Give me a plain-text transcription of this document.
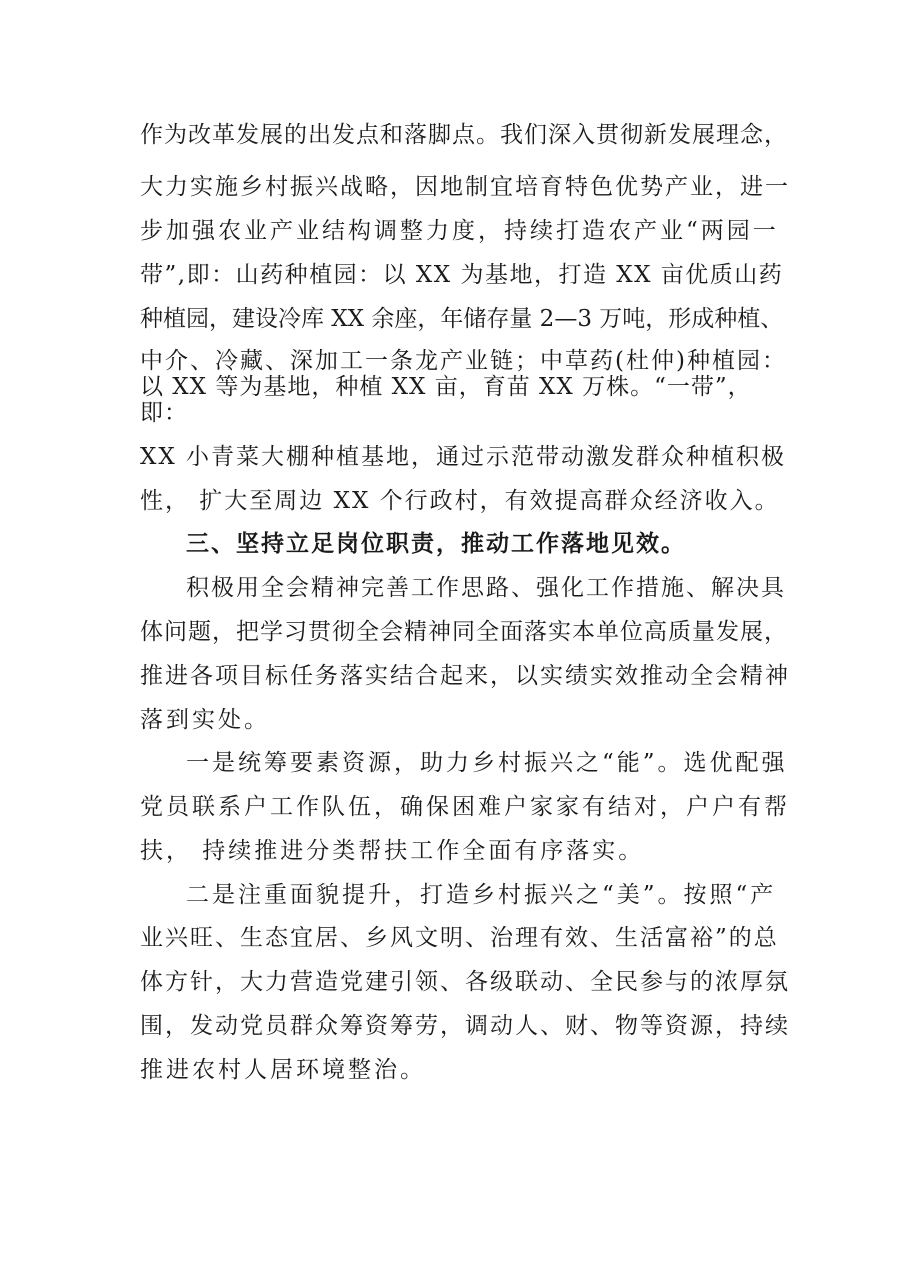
作为改革发展的出发点和落脚点。我们深入贯彻新发展理念，
大力实施乡村振兴战略，因地制宜培育特色优势产业，进一
步加强农业产业结构调整力度，持续打造农产业“两园一
带”,即：山药种植园：以 XX 为基地，打造 XX 亩优质山药
种植园，建设冷库 XX 余座，年储存量 2—3 万吨，形成种植、
中介、冷藏、深加工一条龙产业链；中草药(杜仲)种植园：
以 XX 等为基地，种植 XX 亩，育苗 XX 万株。“一带”，
即：
XX 小青菜大棚种植基地，通过示范带动激发群众种植积极
性， 扩大至周边 XX 个行政村，有效提高群众经济收入。
三、坚持立足岗位职责，推动工作落地见效。
积极用全会精神完善工作思路、强化工作措施、解决具
体问题，把学习贯彻全会精神同全面落实本单位高质量发展，
推进各项目标任务落实结合起来，以实绩实效推动全会精神
落到实处。
一是统筹要素资源，助力乡村振兴之“能”。选优配强
党员联系户工作队伍，确保困难户家家有结对，户户有帮
扶， 持续推进分类帮扶工作全面有序落实。
二是注重面貌提升，打造乡村振兴之“美”。按照“产
业兴旺、生态宜居、乡风文明、治理有效、生活富裕”的总
体方针，大力营造党建引领、各级联动、全民参与的浓厚氛
围，发动党员群众筹资筹劳，调动人、财、物等资源，持续
推进农村人居环境整治。
